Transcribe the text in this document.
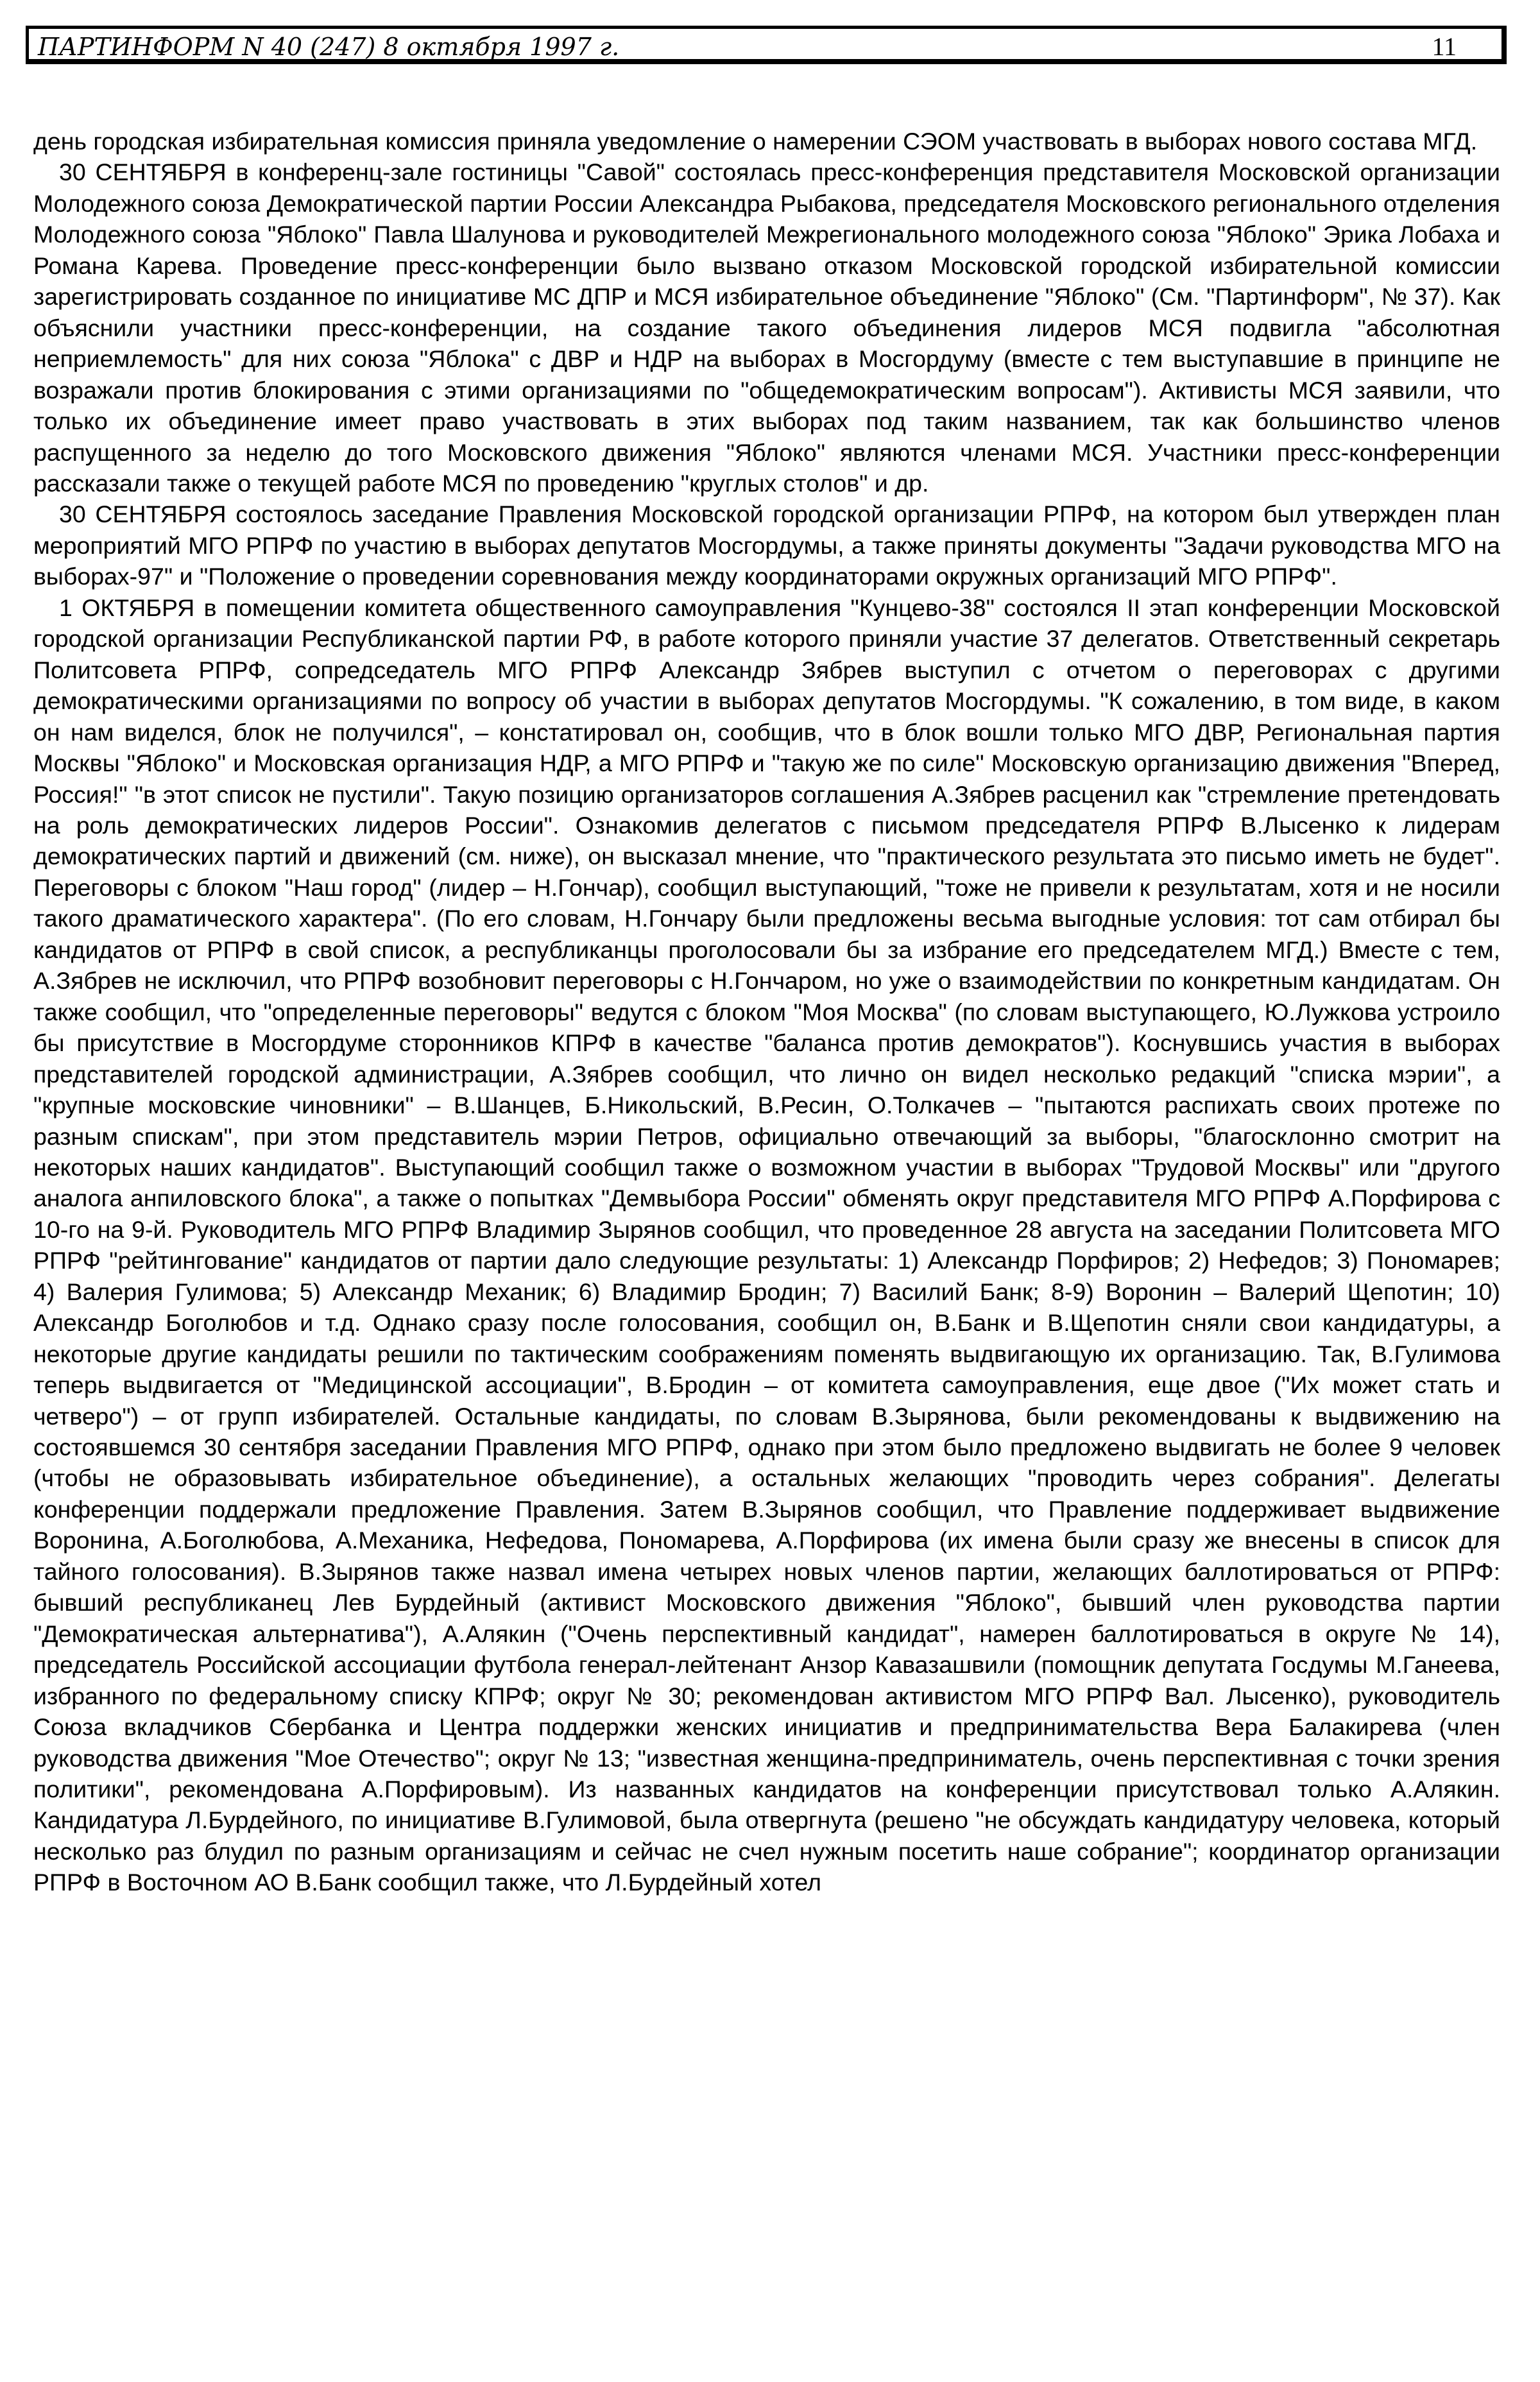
ПАРТИНФОРМ N 40 (247) 8 октября 1997 г.	11

день городская избирательная комиссия приняла уведомление о намерении СЭОМ участвовать в выборах нового состава МГД.

30 СЕНТЯБРЯ в конференц-зале гостиницы "Савой" состоялась пресс-конференция представителя Московской организации Молодежного союза Демократической партии России Александра Рыбакова, председателя Московского регионального отделения Молодежного союза "Яблоко" Павла Шалунова и руководителей Межрегионального молодежного союза "Яблоко" Эрика Лобаха и Романа Карева. Проведение пресс-конференции было вызвано отказом Московской городской избирательной комиссии зарегистрировать созданное по инициативе МС ДПР и МСЯ избирательное объединение "Яблоко" (См. "Партинформ", № 37). Как объяснили участники пресс-конференции, на создание такого объединения лидеров МСЯ подвигла "абсолютная неприемлемость" для них союза "Яблока" с ДВР и НДР на выборах в Мосгордуму (вместе с тем выступавшие в принципе не возражали против блокирования с этими организациями по "общедемократическим вопросам"). Активисты МСЯ заявили, что только их объединение имеет право участвовать в этих выборах под таким названием, так как большинство членов распущенного за неделю до того Московского движения "Яблоко" являются членами МСЯ. Участники пресс-конференции рассказали также о текущей работе МСЯ по проведению "круглых столов" и др.

30 СЕНТЯБРЯ состоялось заседание Правления Московской городской организации РПРФ, на котором был утвержден план мероприятий МГО РПРФ по участию в выборах депутатов Мосгордумы, а также приняты документы "Задачи руководства МГО на выборах-97" и "Положение о проведении соревнования между координаторами окружных организаций МГО РПРФ".

1 ОКТЯБРЯ в помещении комитета общественного самоуправления "Кунцево-38" состоялся II этап конференции Московской городской организации Республиканской партии РФ, в работе которого приняли участие 37 делегатов. Ответственный секретарь Политсовета РПРФ, сопредседатель МГО РПРФ Александр Зябрев выступил с отчетом о переговорах с другими демократическими организациями по вопросу об участии в выборах депутатов Мосгордумы. "К сожалению, в том виде, в каком он нам виделся, блок не получился", – констатировал он, сообщив, что в блок вошли только МГО ДВР, Региональная партия Москвы "Яблоко" и Московская организация НДР, а МГО РПРФ и "такую же по силе" Московскую организацию движения "Вперед, Россия!" "в этот список не пустили". Такую позицию организаторов соглашения А.Зябрев расценил как "стремление претендовать на роль демократических лидеров России". Ознакомив делегатов с письмом председателя РПРФ В.Лысенко к лидерам демократических партий и движений (см. ниже), он высказал мнение, что "практического результата это письмо иметь не будет". Переговоры с блоком "Наш город" (лидер – Н.Гончар), сообщил выступающий, "тоже не привели к результатам, хотя и не носили такого драматического характера". (По его словам, Н.Гончару были предложены весьма выгодные условия: тот сам отбирал бы кандидатов от РПРФ в свой список, а республиканцы проголосовали бы за избрание его председателем МГД.) Вместе с тем, А.Зябрев не исключил, что РПРФ возобновит переговоры с Н.Гончаром, но уже о взаимодействии по конкретным кандидатам. Он также сообщил, что "определенные переговоры" ведутся с блоком "Моя Москва" (по словам выступающего, Ю.Лужкова устроило бы присутствие в Мосгордуме сторонников КПРФ в качестве "баланса против демократов"). Коснувшись участия в выборах представителей городской администрации, А.Зябрев сообщил, что лично он видел несколько редакций "списка мэрии", а "крупные московские чиновники" – В.Шанцев, Б.Никольский, В.Ресин, О.Толкачев – "пытаются распихать своих протеже по разным спискам", при этом представитель мэрии Петров, официально отвечающий за выборы, "благосклонно смотрит на некоторых наших кандидатов". Выступающий сообщил также о возможном участии в выборах "Трудовой Москвы" или "другого аналога анпиловского блока", а также о попытках "Демвыбора России" обменять округ представителя МГО РПРФ А.Порфирова с 10-го на 9-й. Руководитель МГО РПРФ Владимир Зырянов сообщил, что проведенное 28 августа на заседании Политсовета МГО РПРФ "рейтингование" кандидатов от партии дало следующие результаты: 1) Александр Порфиров; 2) Нефедов; 3) Пономарев; 4) Валерия Гулимова; 5) Александр Механик; 6) Владимир Бродин; 7) Василий Банк; 8-9) Воронин – Валерий Щепотин; 10) Александр Боголюбов и т.д. Однако сразу после голосования, сообщил он, В.Банк и В.Щепотин сняли свои кандидатуры, а некоторые другие кандидаты решили по тактическим соображениям поменять выдвигающую их организацию. Так, В.Гулимова теперь выдвигается от "Медицинской ассоциации", В.Бродин – от комитета самоуправления, еще двое ("Их может стать и четверо") – от групп избирателей. Остальные кандидаты, по словам В.Зырянова, были рекомендованы к выдвижению на состоявшемся 30 сентября заседании Правления МГО РПРФ, однако при этом было предложено выдвигать не более 9 человек (чтобы не образовывать избирательное объединение), а остальных желающих "проводить через собрания". Делегаты конференции поддержали предложение Правления. Затем В.Зырянов сообщил, что Правление поддерживает выдвижение Воронина, А.Боголюбова, А.Механика, Нефедова, Пономарева, А.Порфирова (их имена были сразу же внесены в список для тайного голосования). В.Зырянов также назвал имена четырех новых членов партии, желающих баллотироваться от РПРФ: бывший республиканец Лев Бурдейный (активист Московского движения "Яблоко", бывший член руководства партии "Демократическая альтернатива"), А.Алякин ("Очень перспективный кандидат", намерен баллотироваться в округе № 14), председатель Российской ассоциации футбола генерал-лейтенант Анзор Кавазашвили (помощник депутата Госдумы М.Ганеева, избранного по федеральному списку КПРФ; округ № 30; рекомендован активистом МГО РПРФ Вал. Лысенко), руководитель Союза вкладчиков Сбербанка и Центра поддержки женских инициатив и предпринимательства Вера Балакирева (член руководства движения "Мое Отечество"; округ № 13; "известная женщина-предприниматель, очень перспективная с точки зрения политики", рекомендована А.Порфировым). Из названных кандидатов на конференции присутствовал только А.Алякин. Кандидатура Л.Бурдейного, по инициативе В.Гулимовой, была отвергнута (решено "не обсуждать кандидатуру человека, который несколько раз блудил по разным организациям и сейчас не счел нужным посетить наше собрание"; координатор организации РПРФ в Восточном АО В.Банк сообщил также, что Л.Бурдейный хотел
